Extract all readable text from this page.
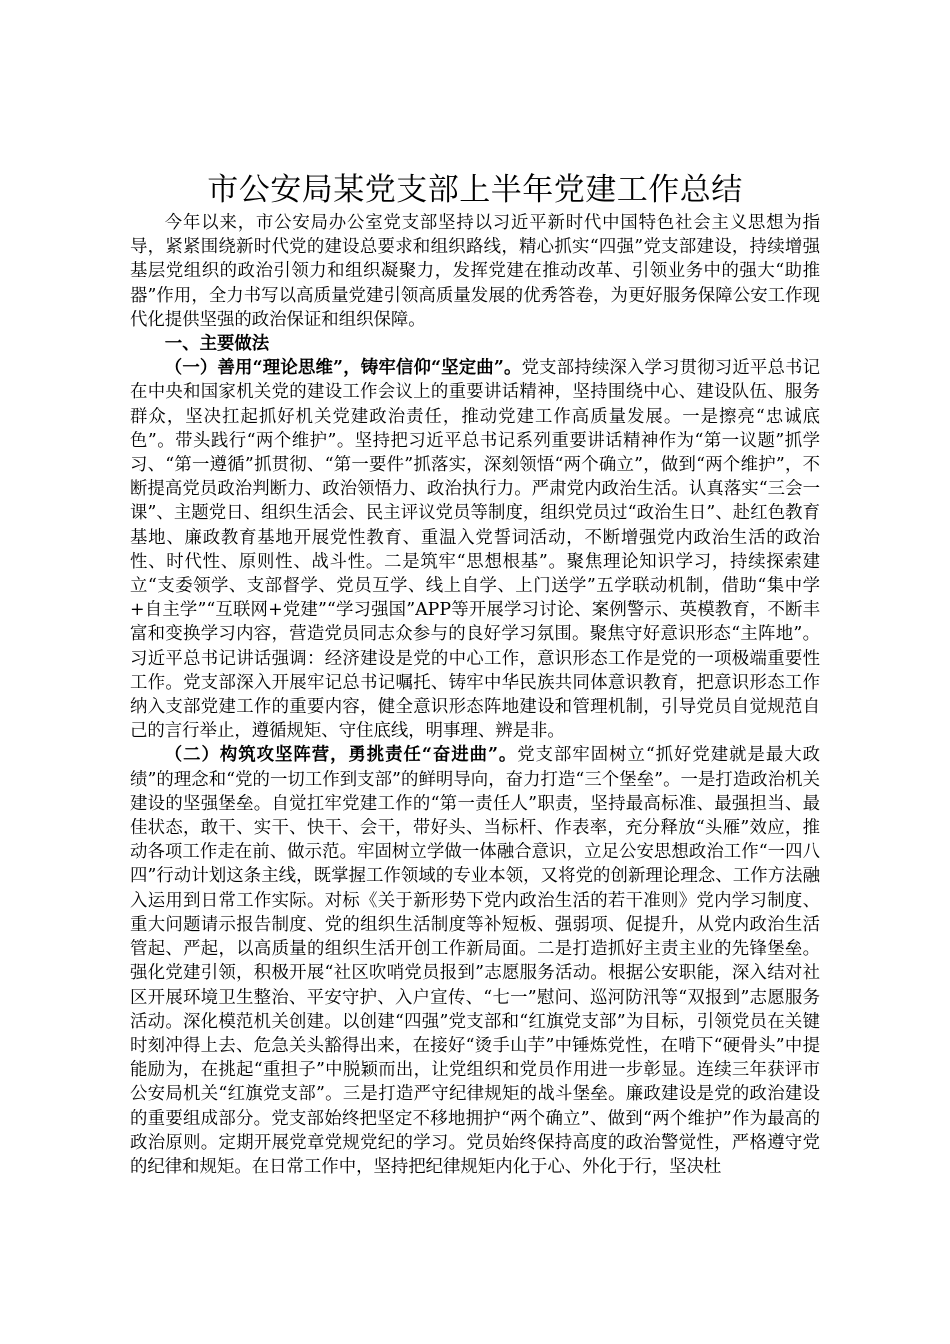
市公安局某党支部上半年党建工作总结

今年以来，市公安局办公室党支部坚持以习近平新时代中国特色社会主义思想为指导，紧紧围绕新时代党的建设总要求和组织路线，精心抓实“四强”党支部建设，持续增强基层党组织的政治引领力和组织凝聚力，发挥党建在推动改革、引领业务中的强大“助推器”作用，全力书写以高质量党建引领高质量发展的优秀答卷，为更好服务保障公安工作现代化提供坚强的政治保证和组织保障。

一、主要做法

（一）善用“理论思维”，铸牢信仰“坚定曲”。党支部持续深入学习贯彻习近平总书记在中央和国家机关党的建设工作会议上的重要讲话精神，坚持围绕中心、建设队伍、服务群众，坚决扛起抓好机关党建政治责任，推动党建工作高质量发展。一是擦亮“忠诚底色”。带头践行“两个维护”。坚持把习近平总书记系列重要讲话精神作为“第一议题”抓学习、“第一遵循”抓贯彻、“第一要件”抓落实，深刻领悟“两个确立”，做到“两个维护”，不断提高党员政治判断力、政治领悟力、政治执行力。严肃党内政治生活。认真落实“三会一课”、主题党日、组织生活会、民主评议党员等制度，组织党员过“政治生日”、赴红色教育基地、廉政教育基地开展党性教育、重温入党誓词活动，不断增强党内政治生活的政治性、时代性、原则性、战斗性。二是筑牢“思想根基”。聚焦理论知识学习，持续探索建立“支委领学、支部督学、党员互学、线上自学、上门送学”五学联动机制，借助“集中学+自主学”“互联网+党建”“学习强国”APP等开展学习讨论、案例警示、英模教育，不断丰富和变换学习内容，营造党员同志众参与的良好学习氛围。聚焦守好意识形态“主阵地”。习近平总书记讲话强调：经济建设是党的中心工作，意识形态工作是党的一项极端重要性工作。党支部深入开展牢记总书记嘱托、铸牢中华民族共同体意识教育，把意识形态工作纳入支部党建工作的重要内容，健全意识形态阵地建设和管理机制，引导党员自觉规范自己的言行举止，遵循规矩、守住底线，明事理、辨是非。

（二）构筑攻坚阵营，勇挑责任“奋进曲”。党支部牢固树立“抓好党建就是最大政绩”的理念和“党的一切工作到支部”的鲜明导向，奋力打造“三个堡垒”。一是打造政治机关建设的坚强堡垒。自觉扛牢党建工作的“第一责任人”职责，坚持最高标准、最强担当、最佳状态，敢干、实干、快干、会干，带好头、当标杆、作表率，充分释放“头雁”效应，推动各项工作走在前、做示范。牢固树立学做一体融合意识，立足公安思想政治工作“一四八四”行动计划这条主线，既掌握工作领域的专业本领，又将党的创新理论理念、工作方法融入运用到日常工作实际。对标《关于新形势下党内政治生活的若干准则》党内学习制度、重大问题请示报告制度、党的组织生活制度等补短板、强弱项、促提升，从党内政治生活管起、严起，以高质量的组织生活开创工作新局面。二是打造抓好主责主业的先锋堡垒。强化党建引领，积极开展“社区吹哨党员报到”志愿服务活动。根据公安职能，深入结对社区开展环境卫生整治、平安守护、入户宣传、“七一”慰问、巡河防汛等“双报到”志愿服务活动。深化模范机关创建。以创建“四强”党支部和“红旗党支部”为目标，引领党员在关键时刻冲得上去、危急关头豁得出来，在接好“烫手山芋”中锤炼党性，在啃下“硬骨头”中提能励为，在挑起“重担子”中脱颖而出，让党组织和党员作用进一步彰显。连续三年获评市公安局机关“红旗党支部”。三是打造严守纪律规矩的战斗堡垒。廉政建设是党的政治建设的重要组成部分。党支部始终把坚定不移地拥护“两个确立”、做到“两个维护”作为最高的政治原则。定期开展党章党规党纪的学习。党员始终保持高度的政治警觉性，严格遵守党的纪律和规矩。在日常工作中，坚持把纪律规矩内化于心、外化于行，坚决杜
